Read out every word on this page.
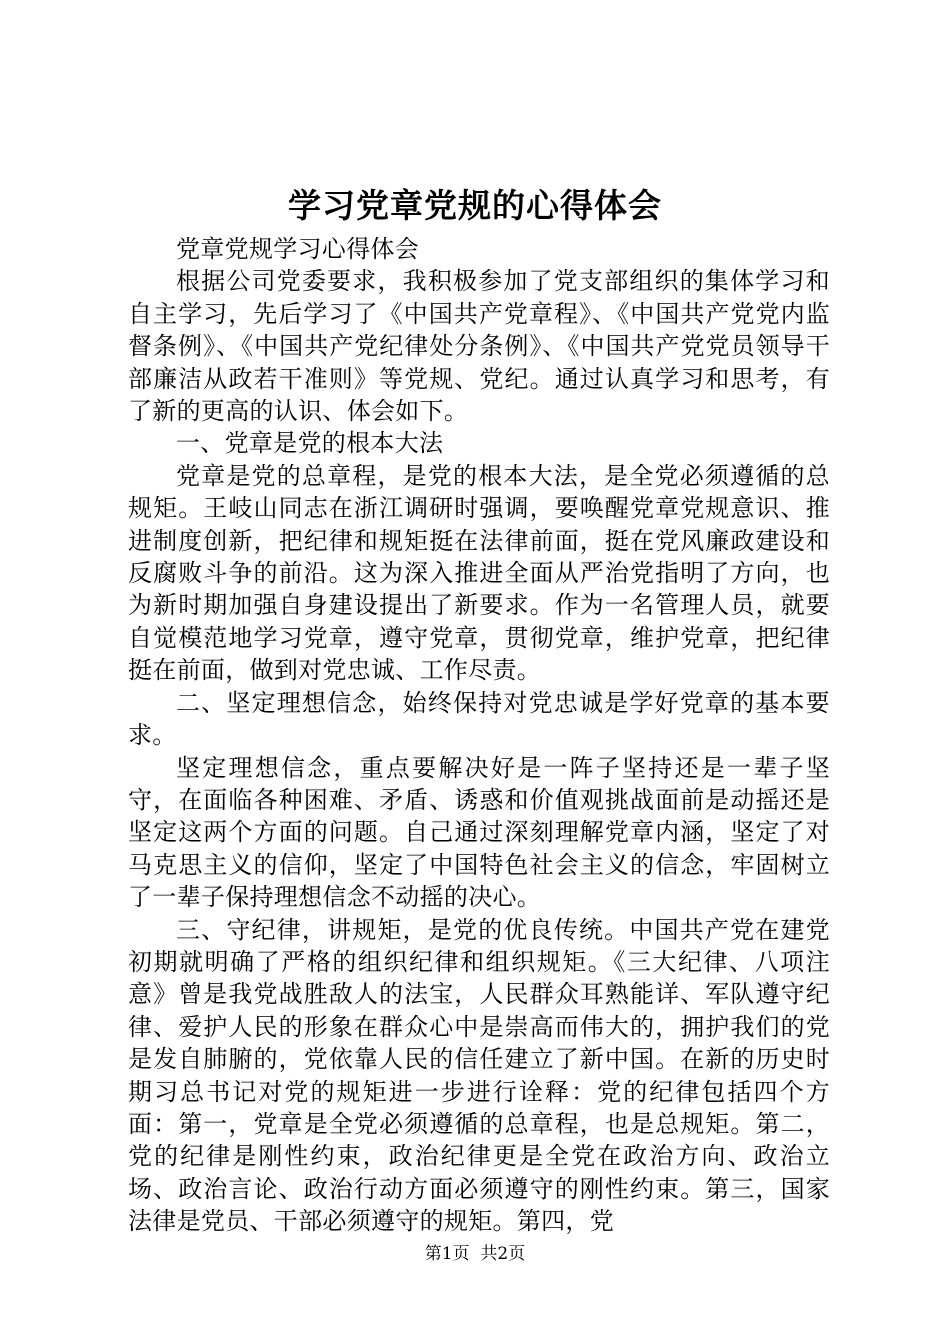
学习党章党规的心得体会

党章党规学习心得体会

根据公司党委要求，我积极参加了党支部组织的集体学习和自主学习，先后学习了《中国共产党章程》、《中国共产党党内监督条例》、《中国共产党纪律处分条例》、《中国共产党党员领导干部廉洁从政若干准则》等党规、党纪。通过认真学习和思考，有了新的更高的认识、体会如下。

一、党章是党的根本大法

党章是党的总章程，是党的根本大法，是全党必须遵循的总规矩。王岐山同志在浙江调研时强调，要唤醒党章党规意识、推进制度创新，把纪律和规矩挺在法律前面，挺在党风廉政建设和反腐败斗争的前沿。这为深入推进全面从严治党指明了方向，也为新时期加强自身建设提出了新要求。作为一名管理人员，就要自觉模范地学习党章，遵守党章，贯彻党章，维护党章，把纪律挺在前面，做到对党忠诚、工作尽责。

二、坚定理想信念，始终保持对党忠诚是学好党章的基本要求。

坚定理想信念，重点要解决好是一阵子坚持还是一辈子坚守，在面临各种困难、矛盾、诱惑和价值观挑战面前是动摇还是坚定这两个方面的问题。自己通过深刻理解党章内涵，坚定了对马克思主义的信仰，坚定了中国特色社会主义的信念，牢固树立了一辈子保持理想信念不动摇的决心。

三、守纪律，讲规矩，是党的优良传统。中国共产党在建党初期就明确了严格的组织纪律和组织规矩。《三大纪律、八项注意》曾是我党战胜敌人的法宝，人民群众耳熟能详、军队遵守纪律、爱护人民的形象在群众心中是崇高而伟大的，拥护我们的党是发自肺腑的，党依靠人民的信任建立了新中国。在新的历史时期习总书记对党的规矩进一步进行诠释：党的纪律包括四个方面：第一，党章是全党必须遵循的总章程，也是总规矩。第二，党的纪律是刚性约束，政治纪律更是全党在政治方向、政治立场、政治言论、政治行动方面必须遵守的刚性约束。第三，国家法律是党员、干部必须遵守的规矩。第四，党

第1页 共2页
